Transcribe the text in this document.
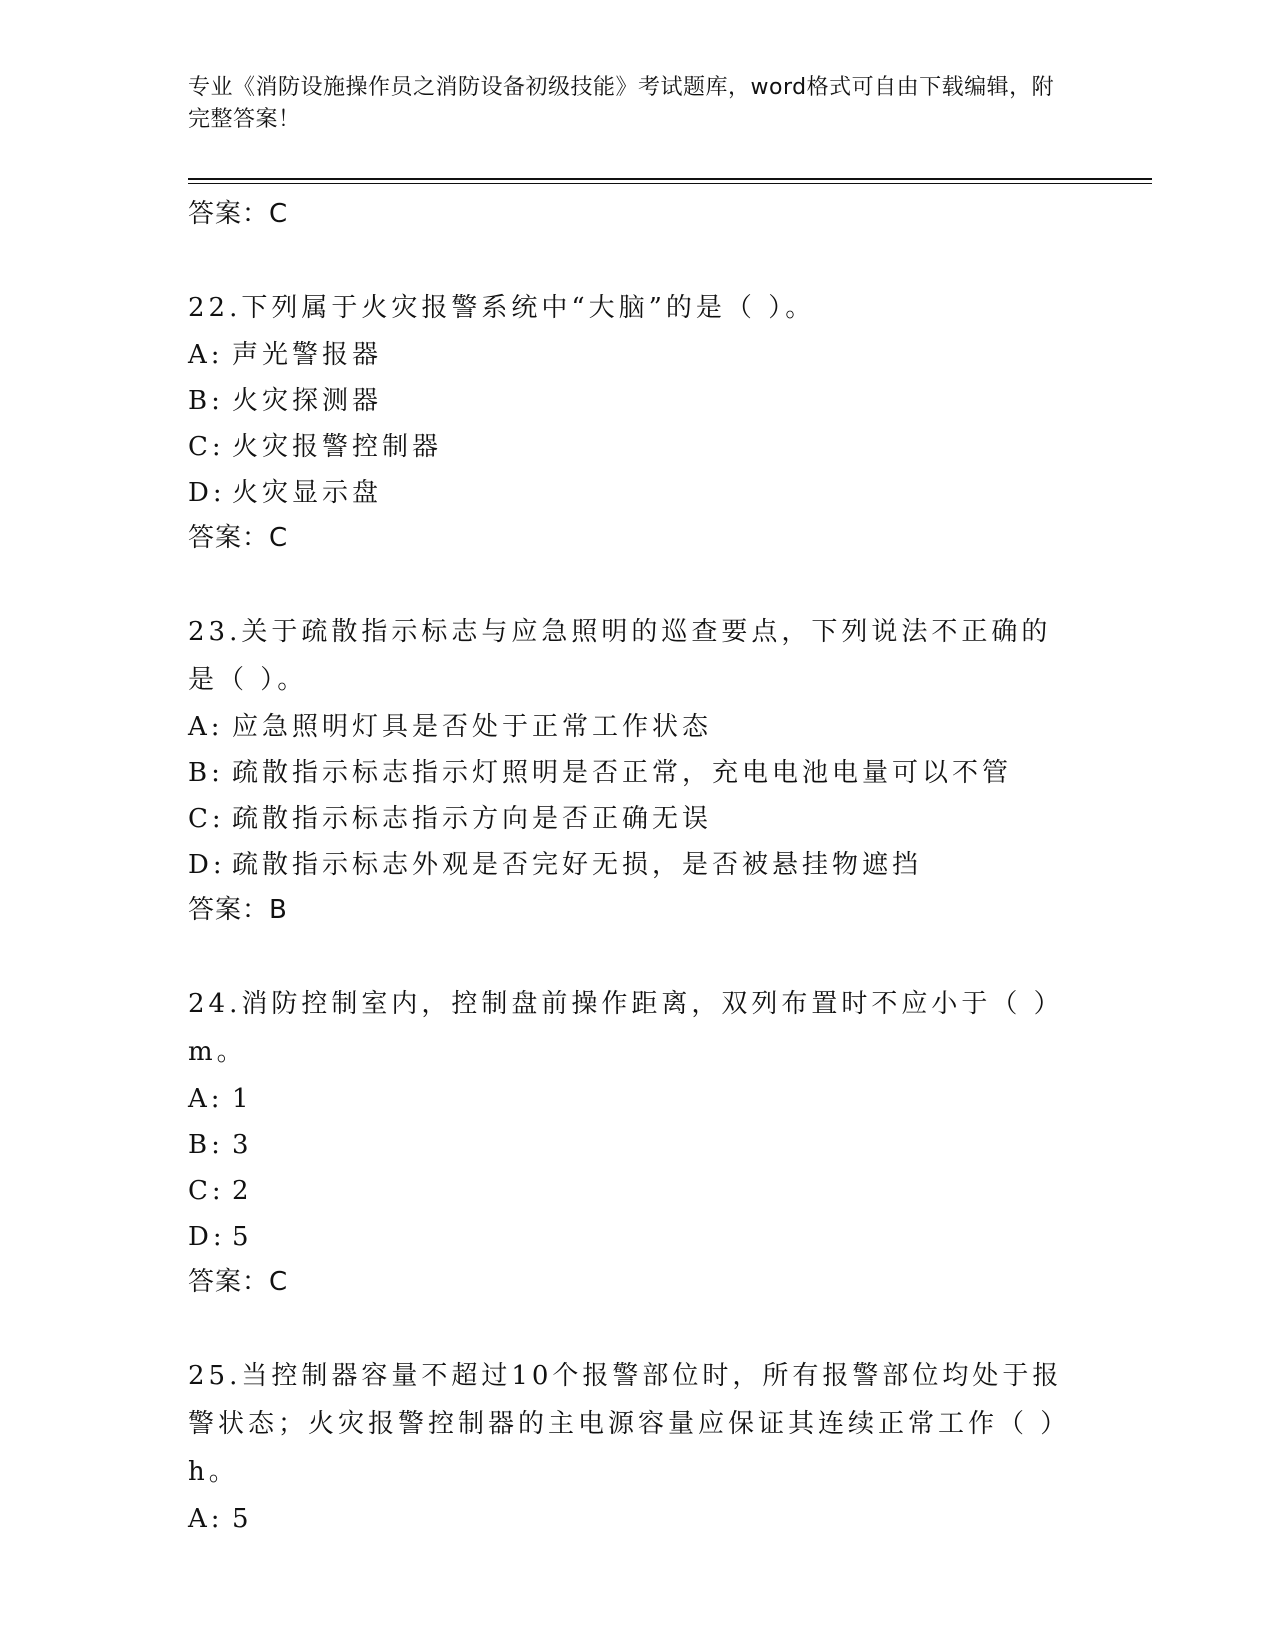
专业《消防设施操作员之消防设备初级技能》考试题库，word格式可自由下载编辑，附完整答案！
答案：C
22.下列属于火灾报警系统中“大脑”的是（ ）。
A: 声光警报器
B: 火灾探测器
C: 火灾报警控制器
D: 火灾显示盘
答案：C
23.关于疏散指示标志与应急照明的巡查要点，下列说法不正确的是（ ）。
A: 应急照明灯具是否处于正常工作状态
B: 疏散指示标志指示灯照明是否正常，充电电池电量可以不管
C: 疏散指示标志指示方向是否正确无误
D: 疏散指示标志外观是否完好无损，是否被悬挂物遮挡
答案：B
24.消防控制室内，控制盘前操作距离，双列布置时不应小于（ ）m。
A: 1
B: 3
C: 2
D: 5
答案：C
25.当控制器容量不超过10个报警部位时，所有报警部位均处于报警状态；火灾报警控制器的主电源容量应保证其连续正常工作（ ）h。
A: 5
